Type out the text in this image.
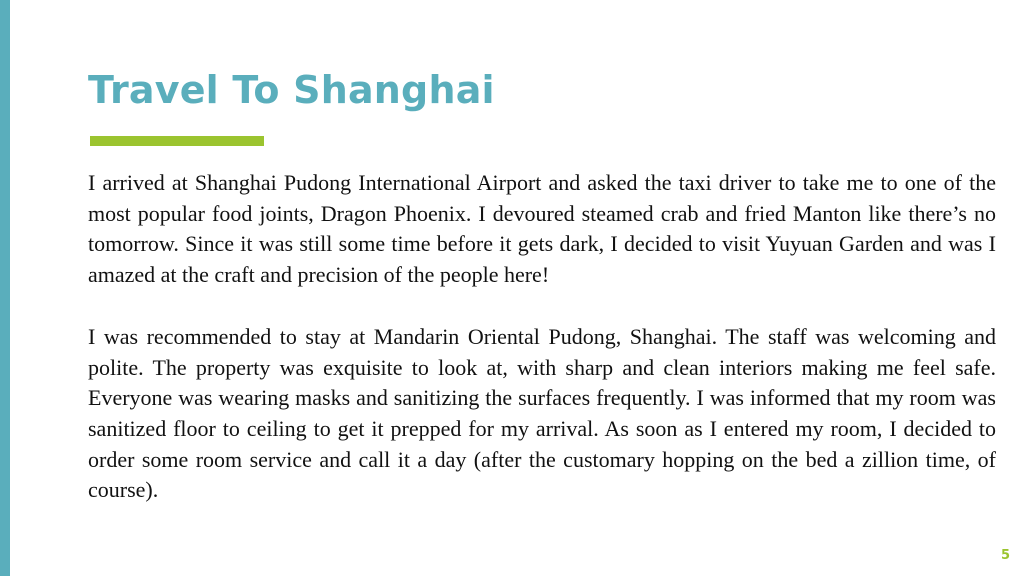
Travel To Shanghai

I arrived at Shanghai Pudong International Airport and asked the taxi driver to take me to one of the most popular food joints, Dragon Phoenix. I devoured steamed crab and fried Manton like there’s no tomorrow. Since it was still some time before it gets dark, I decided to visit Yuyuan Garden and was I amazed at the craft and precision of the people here!

I was recommended to stay at Mandarin Oriental Pudong, Shanghai. The staff was welcoming and polite. The property was exquisite to look at, with sharp and clean interiors making me feel safe. Everyone was wearing masks and sanitizing the surfaces frequently. I was informed that my room was sanitized floor to ceiling to get it prepped for my arrival. As soon as I entered my room, I decided to order some room service and call it a day (after the customary hopping on the bed a zillion time, of course).

5
